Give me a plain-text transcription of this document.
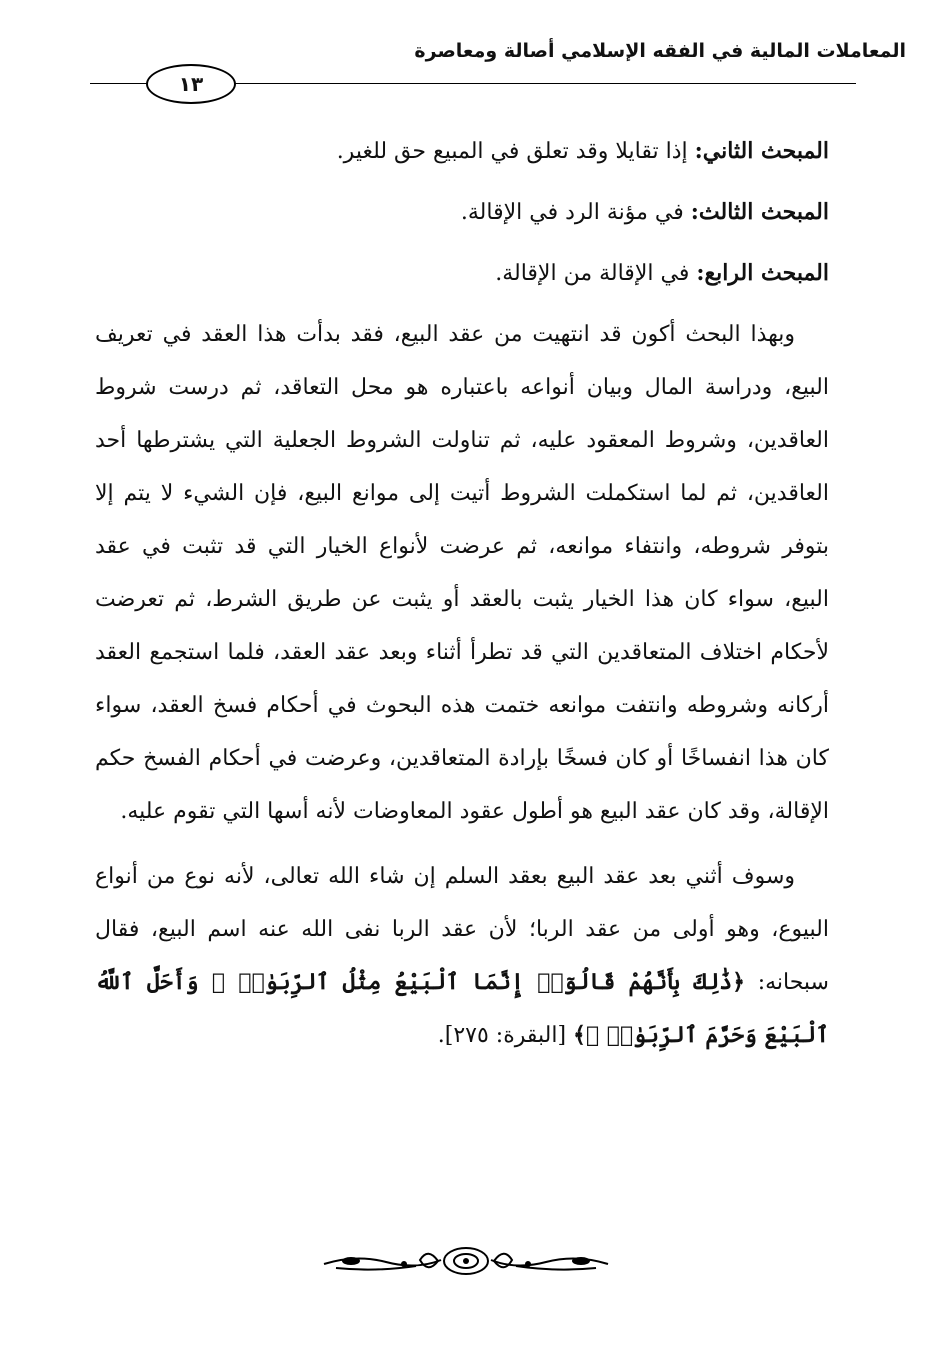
المعاملات المالية في الفقه الإسلامي أصالة ومعاصرة
١٣
المبحث الثاني: إذا تقايلا وقد تعلق في المبيع حق للغير.
المبحث الثالث: في مؤنة الرد في الإقالة.
المبحث الرابع: في الإقالة من الإقالة.

وبهذا البحث أكون قد انتهيت من عقد البيع، فقد بدأت هذا العقد في تعريف البيع، ودراسة المال وبيان أنواعه باعتباره هو محل التعاقد، ثم درست شروط العاقدين، وشروط المعقود عليه، ثم تناولت الشروط الجعلية التي يشترطها أحد العاقدين، ثم لما استكملت الشروط أتيت إلى موانع البيع، فإن الشيء لا يتم إلا بتوفر شروطه، وانتفاء موانعه، ثم عرضت لأنواع الخيار التي قد تثبت في عقد البيع، سواء كان هذا الخيار يثبت بالعقد أو يثبت عن طريق الشرط، ثم تعرضت لأحكام اختلاف المتعاقدين التي قد تطرأ أثناء وبعد عقد العقد، فلما استجمع العقد أركانه وشروطه وانتفت موانعه ختمت هذه البحوث في أحكام فسخ العقد، سواء كان هذا انفساخًا أو كان فسخًا بإرادة المتعاقدين، وعرضت في أحكام الفسخ حكم الإقالة، وقد كان عقد البيع هو أطول عقود المعاوضات لأنه أسها التي تقوم عليه.

وسوف أثني بعد عقد البيع بعقد السلم إن شاء الله تعالى، لأنه نوع من أنواع البيوع، وهو أولى من عقد الربا؛ لأن عقد الربا نفى الله عنه اسم البيع، فقال سبحانه: ﴿ذَٰلِكَ بِأَنَّهُمْ قَالُوٓا۟ إِنَّمَا ٱلْبَيْعُ مِثْلُ ٱلرِّبَوٰا۟ ۗ وَأَحَلَّ ٱللَّهُ ٱلْبَيْعَ وَحَرَّمَ ٱلرِّبَوٰا۟ ۚ﴾ [البقرة: ٢٧٥].
